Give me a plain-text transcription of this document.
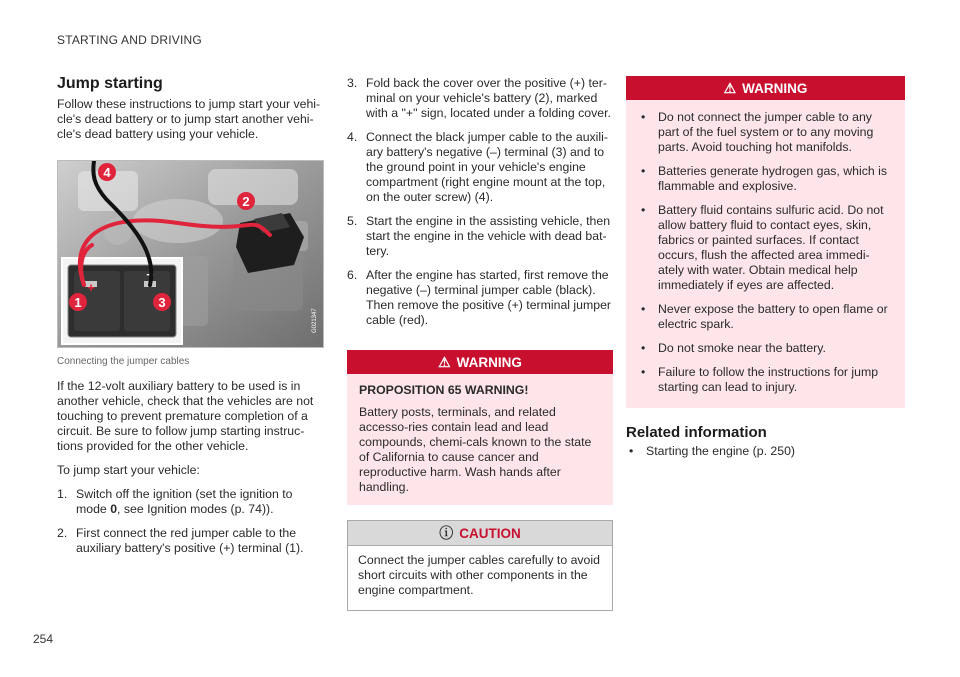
STARTING AND DRIVING
Jump starting

Follow these instructions to jump start your vehi-cle's dead battery or to jump start another vehi-cle's dead battery using your vehicle.

+
−
1
2
3
4
G021347
Connecting the jumper cables

If the 12-volt auxiliary battery to be used is in another vehicle, check that the vehicles are not touching to prevent premature completion of a circuit. Be sure to follow jump starting instruc-tions provided for the other vehicle.

To jump start your vehicle:

1. Switch off the ignition (set the ignition to mode 0, see Ignition modes (p. 74)).
2. First connect the red jumper cable to the auxiliary battery's positive (+) terminal (1).
3. Fold back the cover over the positive (+) ter-minal on your vehicle's battery (2), marked with a "+" sign, located under a folding cover.
4. Connect the black jumper cable to the auxili-ary battery's negative (–) terminal (3) and to the ground point in your vehicle's engine compartment (right engine mount at the top, on the outer screw) (4).
5. Start the engine in the assisting vehicle, then start the engine in the vehicle with dead bat-tery.
6. After the engine has started, first remove the negative (–) terminal jumper cable (black). Then remove the positive (+) terminal jumper cable (red).
⚠ WARNING
PROPOSITION 65 WARNING!
Battery posts, terminals, and related accesso-ries contain lead and lead compounds, chemi-cals known to the state of California to cause cancer and reproductive harm. Wash hands after handling.
ⓘ CAUTION
Connect the jumper cables carefully to avoid short circuits with other components in the engine compartment.
⚠ WARNING
• Do not connect the jumper cable to any part of the fuel system or to any moving parts. Avoid touching hot manifolds.
• Batteries generate hydrogen gas, which is flammable and explosive.
• Battery fluid contains sulfuric acid. Do not allow battery fluid to contact eyes, skin, fabrics or painted surfaces. If contact occurs, flush the affected area immedi-ately with water. Obtain medical help immediately if eyes are affected.
• Never expose the battery to open flame or electric spark.
• Do not smoke near the battery.
• Failure to follow the instructions for jump starting can lead to injury.
Related information
• Starting the engine (p. 250)
254
